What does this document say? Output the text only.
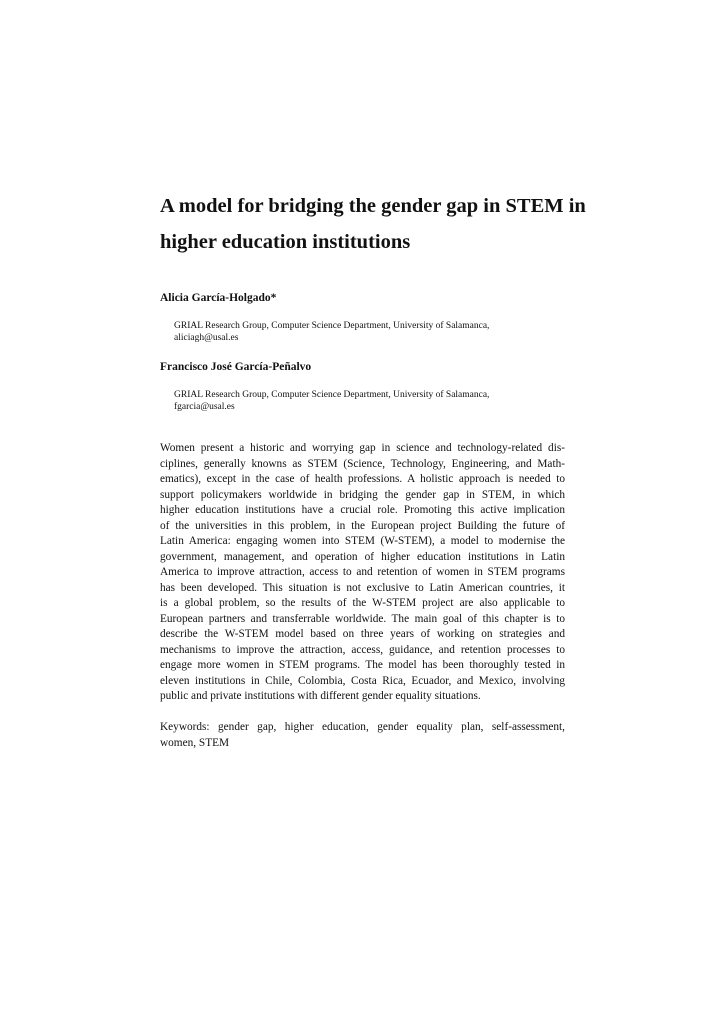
A model for bridging the gender gap in STEM in
higher education institutions

Alicia García-Holgado*

GRIAL Research Group, Computer Science Department, University of Salamanca,
aliciagh@usal.es

Francisco José García-Peñalvo

GRIAL Research Group, Computer Science Department, University of Salamanca,
fgarcia@usal.es

Women present a historic and worrying gap in science and technology-related dis-
ciplines, generally knowns as STEM (Science, Technology, Engineering, and Math-
ematics), except in the case of health professions. A holistic approach is needed to
support policymakers worldwide in bridging the gender gap in STEM, in which
higher education institutions have a crucial role. Promoting this active implication
of the universities in this problem, in the European project Building the future of
Latin America: engaging women into STEM (W-STEM), a model to modernise the
government, management, and operation of higher education institutions in Latin
America to improve attraction, access to and retention of women in STEM programs
has been developed. This situation is not exclusive to Latin American countries, it
is a global problem, so the results of the W-STEM project are also applicable to
European partners and transferrable worldwide. The main goal of this chapter is to
describe the W-STEM model based on three years of working on strategies and
mechanisms to improve the attraction, access, guidance, and retention processes to
engage more women in STEM programs. The model has been thoroughly tested in
eleven institutions in Chile, Colombia, Costa Rica, Ecuador, and Mexico, involving
public and private institutions with different gender equality situations.
Keywords: gender gap, higher education, gender equality plan, self-assessment,
women, STEM
